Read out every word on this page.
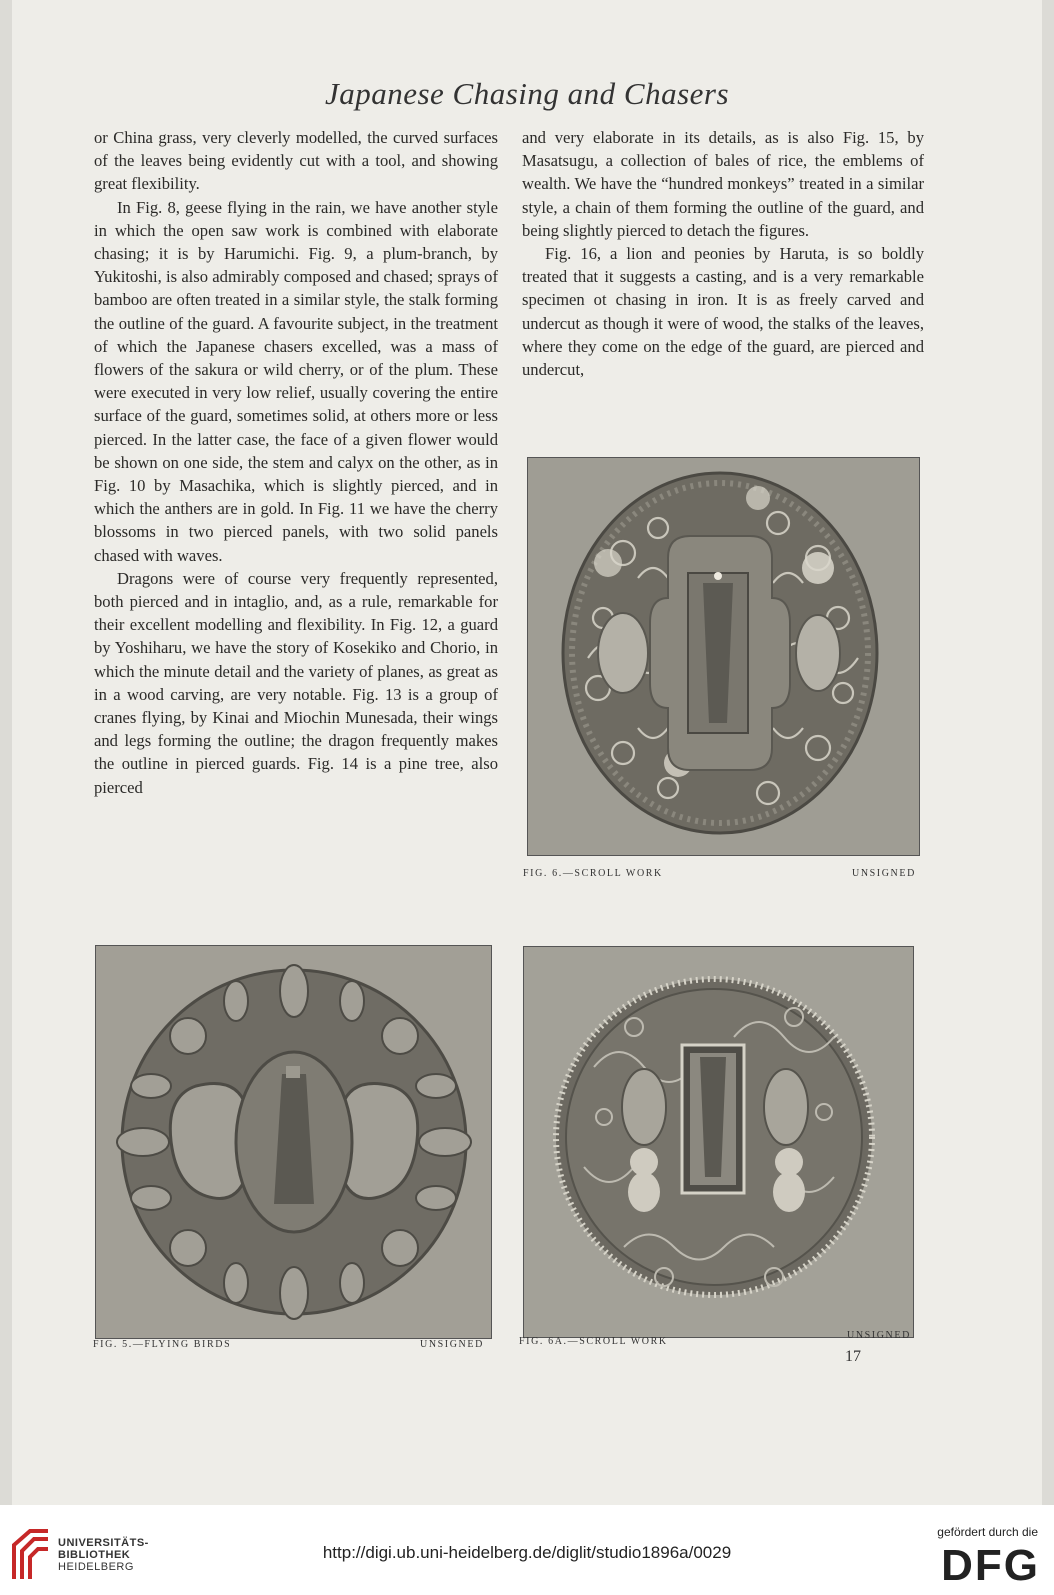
Japanese Chasing and Chasers

or China grass, very cleverly modelled, the curved surfaces of the leaves being evidently cut with a tool, and showing great flexibility.

In Fig. 8, geese flying in the rain, we have another style in which the open saw work is combined with elaborate chasing; it is by Harumichi. Fig. 9, a plum-branch, by Yukitoshi, is also admirably composed and chased; sprays of bamboo are often treated in a similar style, the stalk forming the outline of the guard. A favourite subject, in the treatment of which the Japanese chasers excelled, was a mass of flowers of the sakura or wild cherry, or of the plum. These were executed in very low relief, usually covering the entire surface of the guard, sometimes solid, at others more or less pierced. In the latter case, the face of a given flower would be shown on one side, the stem and calyx on the other, as in Fig. 10 by Masachika, which is slightly pierced, and in which the anthers are in gold. In Fig. 11 we have the cherry blossoms in two pierced panels, with two solid panels chased with waves.

Dragons were of course very frequently represented, both pierced and in intaglio, and, as a rule, remarkable for their excellent modelling and flexibility. In Fig. 12, a guard by Yoshiharu, we have the story of Kosekiko and Chorio, in which the minute detail and the variety of planes, as great as in a wood carving, are very notable. Fig. 13 is a group of cranes flying, by Kinai and Miochin Munesada, their wings and legs forming the outline; the dragon frequently makes the outline in pierced guards. Fig. 14 is a pine tree, also pierced

and very elaborate in its details, as is also Fig. 15, by Masatsugu, a collection of bales of rice, the emblems of wealth. We have the “hundred monkeys” treated in a similar style, a chain of them forming the outline of the guard, and being slightly pierced to detach the figures.

Fig. 16, a lion and peonies by Haruta, is so boldly treated that it suggests a casting, and is a very remarkable specimen ot chasing in iron. It is as freely carved and undercut as though it were of wood, the stalks of the leaves, where they come on the edge of the guard, are pierced and undercut,

FIG. 6.—SCROLL WORK	UNSIGNED
FIG. 5.—FLYING BIRDS	UNSIGNED	FIG. 6A.—SCROLL WORK
UNSIGNED
17
UNIVERSITÄTS-
BIBLIOTHEK
HEIDELBERG
http://digi.ub.uni-heidelberg.de/diglit/studio1896a/0029
gefördert durch die
DFG
